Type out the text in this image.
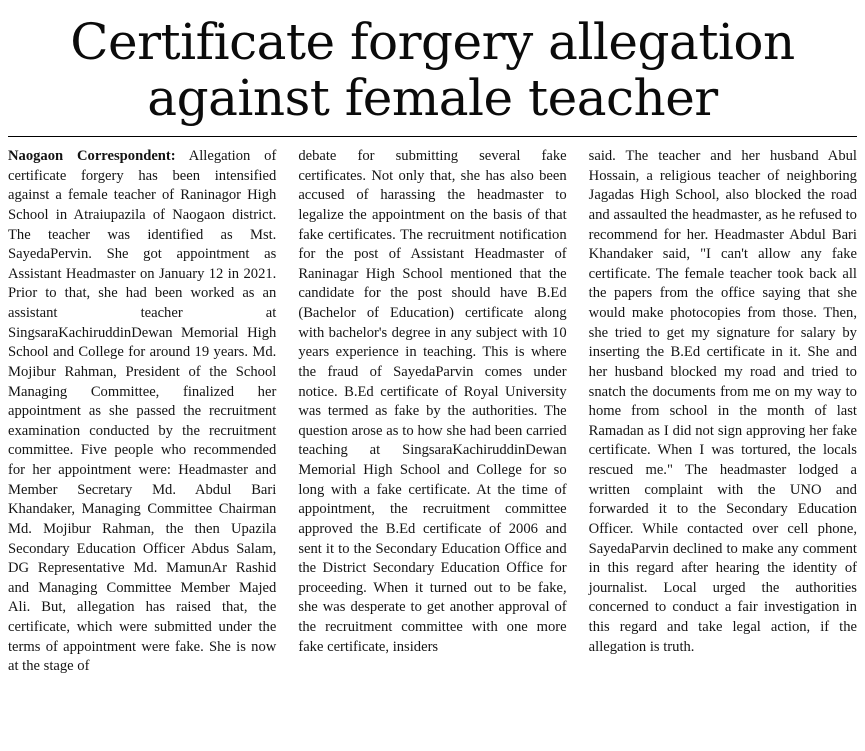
Certificate forgery allegation
against female teacher

Naogaon Correspondent: Allegation of certificate forgery has been intensified against a female teacher of Raninagor High School in Atraiupazila of Naogaon district. The teacher was identified as Mst. SayedaPervin. She got appointment as Assistant Headmaster on January 12 in 2021. Prior to that, she had been worked as an assistant teacher at SingsaraKachiruddinDewan Memorial High School and College for around 19 years. Md. Mojibur Rahman, President of the School Managing Committee, finalized her appointment as she passed the recruitment examination conducted by the recruitment committee. Five people who recommended for her appointment were: Headmaster and Member Secretary Md. Abdul Bari Khandaker, Managing Committee Chairman Md. Mojibur Rahman, the then Upazila Secondary Education Officer Abdus Salam, DG Representative Md. MamunAr Rashid and Managing Committee Member Majed Ali. But, allegation has raised that, the certificate, which were submitted under the terms of appointment were fake. She is now at the stage of

debate for submitting several fake certificates. Not only that, she has also been accused of harassing the headmaster to legalize the appointment on the basis of that fake certificates. The recruitment notification for the post of Assistant Headmaster of Raninagar High School mentioned that the candidate for the post should have B.Ed (Bachelor of Education) certificate along with bachelor's degree in any subject with 10 years experience in teaching. This is where the fraud of SayedaParvin comes under notice. B.Ed certificate of Royal University was termed as fake by the authorities. The question arose as to how she had been carried teaching at SingsaraKachiruddinDewan Memorial High School and College for so long with a fake certificate. At the time of appointment, the recruitment committee approved the B.Ed certificate of 2006 and sent it to the Secondary Education Office and the District Secondary Education Office for proceeding. When it turned out to be fake, she was desperate to get another approval of the recruitment committee with one more fake certificate, insiders

said. The teacher and her husband Abul Hossain, a religious teacher of neighboring Jagadas High School, also blocked the road and assaulted the headmaster, as he refused to recommend for her. Headmaster Abdul Bari Khandaker said, "I can't allow any fake certificate. The female teacher took back all the papers from the office saying that she would make photocopies from those. Then, she tried to get my signature for salary by inserting the B.Ed certificate in it. She and her husband blocked my road and tried to snatch the documents from me on my way to home from school in the month of last Ramadan as I did not sign approving her fake certificate. When I was tortured, the locals rescued me." The headmaster lodged a written complaint with the UNO and forwarded it to the Secondary Education Officer. While contacted over cell phone, SayedaParvin declined to make any comment in this regard after hearing the identity of journalist. Local urged the authorities concerned to conduct a fair investigation in this regard and take legal action, if the allegation is truth.
